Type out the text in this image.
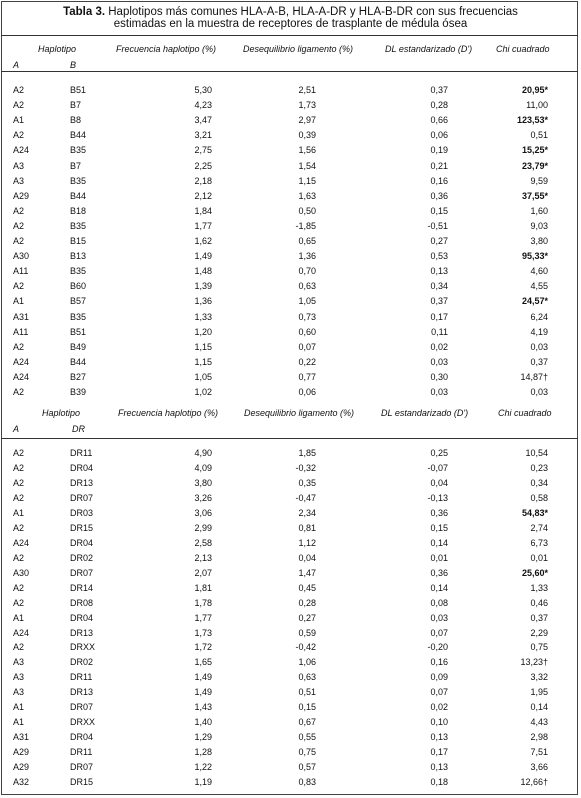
Tabla 3. Haplotipos más comunes HLA-A-B, HLA-A-DR y HLA-B-DR con sus frecuencias
estimadas en la muestra de receptores de trasplante de médula ósea
Haplotipo
A	B
Frecuencia haplotipo (%)	Desequilibrio ligamento (%)	DL estandarizado (D')	Chi cuadrado
A2	B51	5,30	2,51	0,37	20,95*
A2	B7	4,23	1,73	0,28	11,00
A1	B8	3,47	2,97	0,66	123,53*
A2	B44	3,21	0,39	0,06	0,51
A24	B35	2,75	1,56	0,19	15,25*
A3	B7	2,25	1,54	0,21	23,79*
A3	B35	2,18	1,15	0,16	9,59
A29	B44	2,12	1,63	0,36	37,55*
A2	B18	1,84	0,50	0,15	1,60
A2	B35	1,77	-1,85	-0,51	9,03
A2	B15	1,62	0,65	0,27	3,80
A30	B13	1,49	1,36	0,53	95,33*
A11	B35	1,48	0,70	0,13	4,60
A2	B60	1,39	0,63	0,34	4,55
A1	B57	1,36	1,05	0,37	24,57*
A31	B35	1,33	0,73	0,17	6,24
A11	B51	1,20	0,60	0,11	4,19
A2	B49	1,15	0,07	0,02	0,03
A24	B44	1,15	0,22	0,03	0,37
A24	B27	1,05	0,77	0,30	14,87†
A2	B39	1,02	0,06	0,03	0,03
Haplotipo
A	DR
Frecuencia haplotipo (%)	Desequilibrio ligamento (%)	DL estandarizado (D')	Chi cuadrado
A2	DR11	4,90	1,85	0,25	10,54
A2	DR04	4,09	-0,32	-0,07	0,23
A2	DR13	3,80	0,35	0,04	0,34
A2	DR07	3,26	-0,47	-0,13	0,58
A1	DR03	3,06	2,34	0,36	54,83*
A2	DR15	2,99	0,81	0,15	2,74
A24	DR04	2,58	1,12	0,14	6,73
A2	DR02	2,13	0,04	0,01	0,01
A30	DR07	2,07	1,47	0,36	25,60*
A2	DR14	1,81	0,45	0,14	1,33
A2	DR08	1,78	0,28	0,08	0,46
A1	DR04	1,77	0,27	0,03	0,37
A24	DR13	1,73	0,59	0,07	2,29
A2	DRXX	1,72	-0,42	-0,20	0,75
A3	DR02	1,65	1,06	0,16	13,23†
A3	DR11	1,49	0,63	0,09	3,32
A3	DR13	1,49	0,51	0,07	1,95
A1	DR07	1,43	0,15	0,02	0,14
A1	DRXX	1,40	0,67	0,10	4,43
A31	DR04	1,29	0,55	0,13	2,98
A29	DR11	1,28	0,75	0,17	7,51
A29	DR07	1,22	0,57	0,13	3,66
A32	DR15	1,19	0,83	0,18	12,66†
